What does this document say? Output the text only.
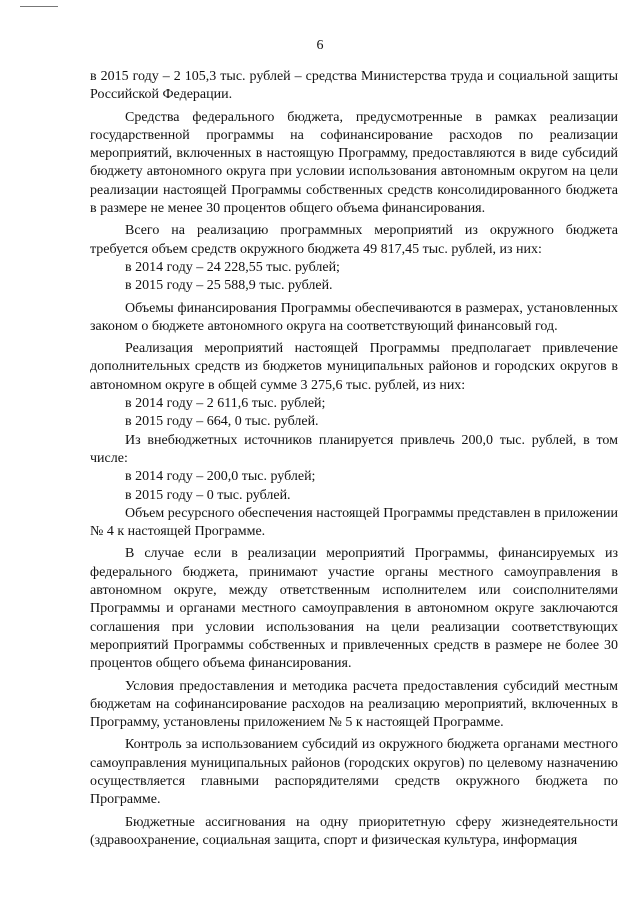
6

в 2015 году – 2 105,3 тыс. рублей – средства Министерства труда и социальной защиты Российской Федерации.

Средства федерального бюджета, предусмотренные в рамках реализации государственной программы на софинансирование расходов по реализации мероприятий, включенных в настоящую Программу, предоставляются в виде субсидий бюджету автономного округа при условии использования автономным округом на цели реализации настоящей Программы собственных средств консолидированного бюджета в размере не менее 30 процентов общего объема финансирования.

Всего на реализацию программных мероприятий из окружного бюджета требуется объем средств окружного бюджета 49 817,45 тыс. рублей, из них:

в 2014 году – 24 228,55 тыс. рублей;

в 2015 году – 25 588,9 тыс. рублей.

Объемы финансирования Программы обеспечиваются в размерах, установленных законом о бюджете автономного округа на соответствующий финансовый год.

Реализация мероприятий настоящей Программы предполагает привлечение дополнительных средств из бюджетов муниципальных районов и городских округов в автономном округе в общей сумме 3 275,6 тыс. рублей, из них:

в 2014 году – 2 611,6 тыс. рублей;

в 2015 году – 664, 0 тыс. рублей.

Из внебюджетных источников планируется привлечь 200,0 тыс. рублей, в том числе:

в 2014 году – 200,0 тыс. рублей;

в 2015 году – 0 тыс. рублей.

Объем ресурсного обеспечения настоящей Программы представлен в приложении № 4 к настоящей Программе.

В случае если в реализации мероприятий Программы, финансируемых из федерального бюджета, принимают участие органы местного самоуправления в автономном округе, между ответственным исполнителем или соисполнителями Программы и органами местного самоуправления в автономном округе заключаются соглашения при условии использования на цели реализации соответствующих мероприятий Программы собственных и привлеченных средств в размере не более 30 процентов общего объема финансирования.

Условия предоставления и методика расчета предоставления субсидий местным бюджетам на софинансирование расходов на реализацию мероприятий, включенных в Программу, установлены приложением № 5 к настоящей Программе.

Контроль за использованием субсидий из окружного бюджета органами местного самоуправления муниципальных районов (городских округов) по целевому назначению осуществляется главными распорядителями средств окружного бюджета по Программе.

Бюджетные ассигнования на одну приоритетную сферу жизнедеятельности (здравоохранение, социальная защита, спорт и физическая культура, информация
